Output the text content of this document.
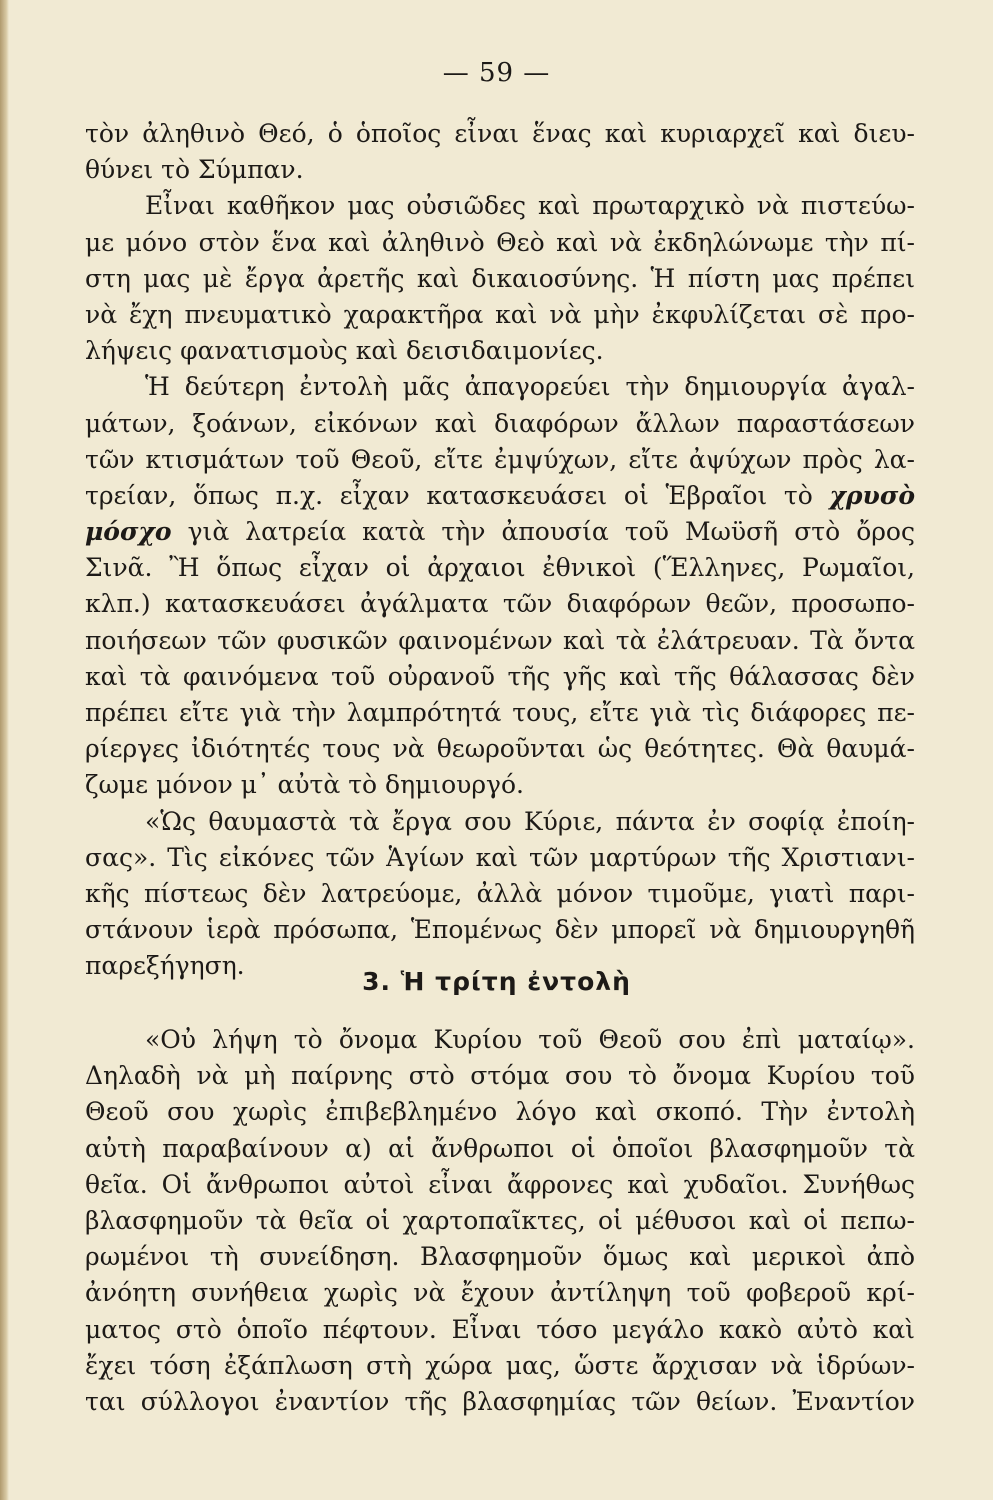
— 59 —
τὸν ἀληθινὸ Θεό, ὁ ὁποῖος εἶναι ἕνας καὶ κυριαρχεῖ καὶ διευ-
θύνει τὸ Σύμπαν.
Εἶναι καθῆκον μας οὐσιῶδες καὶ πρωταρχικὸ νὰ πιστεύω-
με μόνο στὸν ἕνα καὶ ἀληθινὸ Θεὸ καὶ νὰ ἐκδηλώνωμε τὴν πί-
στη μας μὲ ἔργα ἀρετῆς καὶ δικαιοσύνης. Ἡ πίστη μας πρέπει
νὰ ἔχη πνευματικὸ χαρακτῆρα καὶ νὰ μὴν ἐκφυλίζεται σὲ προ-
λήψεις φανατισμοὺς καὶ δεισιδαιμονίες.
Ἡ δεύτερη ἐντολὴ μᾶς ἀπαγορεύει τὴν δημιουργία ἀγαλ-
μάτων, ξοάνων, εἰκόνων καὶ διαφόρων ἄλλων παραστάσεων
τῶν κτισμάτων τοῦ Θεοῦ, εἴτε ἐμψύχων, εἴτε ἀψύχων πρὸς λα-
τρείαν, ὅπως π.χ. εἶχαν κατασκευάσει οἱ Ἑβραῖοι τὸ χρυσὸ
μόσχο γιὰ λατρεία κατὰ τὴν ἀπουσία τοῦ Μωϋσῆ στὸ ὄρος
Σινᾶ. Ἢ ὅπως εἶχαν οἱ ἀρχαιοι ἐθνικοὶ (Ἕλληνες, Ρωμαῖοι,
κλπ.) κατασκευάσει ἀγάλματα τῶν διαφόρων θεῶν, προσωπο-
ποιήσεων τῶν φυσικῶν φαινομένων καὶ τὰ ἐλάτρευαν. Τὰ ὄντα
καὶ τὰ φαινόμενα τοῦ οὐρανοῦ τῆς γῆς καὶ τῆς θάλασσας δὲν
πρέπει εἴτε γιὰ τὴν λαμπρότητά τους, εἴτε γιὰ τὶς διάφορες πε-
ρίεργες ἰδιότητές τους νὰ θεωροῦνται ὡς θεότητες. Θὰ θαυμά-
ζωμε μόνον μ᾿ αὐτὰ τὸ δημιουργό.
«Ὡς θαυμαστὰ τὰ ἔργα σου Κύριε, πάντα ἐν σοφίᾳ ἐποίη-
σας». Τὶς εἰκόνες τῶν Ἁγίων καὶ τῶν μαρτύρων τῆς Χριστιανι-
κῆς πίστεως δὲν λατρεύομε, ἀλλὰ μόνον τιμοῦμε, γιατὶ παρι-
στάνουν ἱερὰ πρόσωπα, Ἑπομένως δὲν μπορεῖ νὰ δημιουργηθῆ
παρεξήγηση.
3. Ἡ τρίτη ἐντολὴ
«Οὐ λήψη τὸ ὄνομα Κυρίου τοῦ Θεοῦ σου ἐπὶ ματαίῳ».
Δηλαδὴ νὰ μὴ παίρνης στὸ στόμα σου τὸ ὄνομα Κυρίου τοῦ
Θεοῦ σου χωρὶς ἐπιβεβλημένο λόγο καὶ σκοπό. Τὴν ἐντολὴ
αὐτὴ παραβαίνουν α) αἱ ἄνθρωποι οἱ ὁποῖοι βλασφημοῦν τὰ
θεῖα. Οἱ ἄνθρωποι αὐτοὶ εἶναι ἄφρονες καὶ χυδαῖοι. Συνήθως
βλασφημοῦν τὰ θεῖα οἱ χαρτοπαῖκτες, οἱ μέθυσοι καὶ οἱ πεπω-
ρωμένοι τὴ συνείδηση. Βλασφημοῦν ὅμως καὶ μερικοὶ ἀπὸ
ἀνόητη συνήθεια χωρὶς νὰ ἔχουν ἀντίληψη τοῦ φοβεροῦ κρί-
ματος στὸ ὁποῖο πέφτουν. Εἶναι τόσο μεγάλο κακὸ αὐτὸ καὶ
ἔχει τόση ἐξάπλωση στὴ χώρα μας, ὥστε ἄρχισαν νὰ ἱδρύων-
ται σύλλογοι ἐναντίον τῆς βλασφημίας τῶν θείων. Ἐναντίον
